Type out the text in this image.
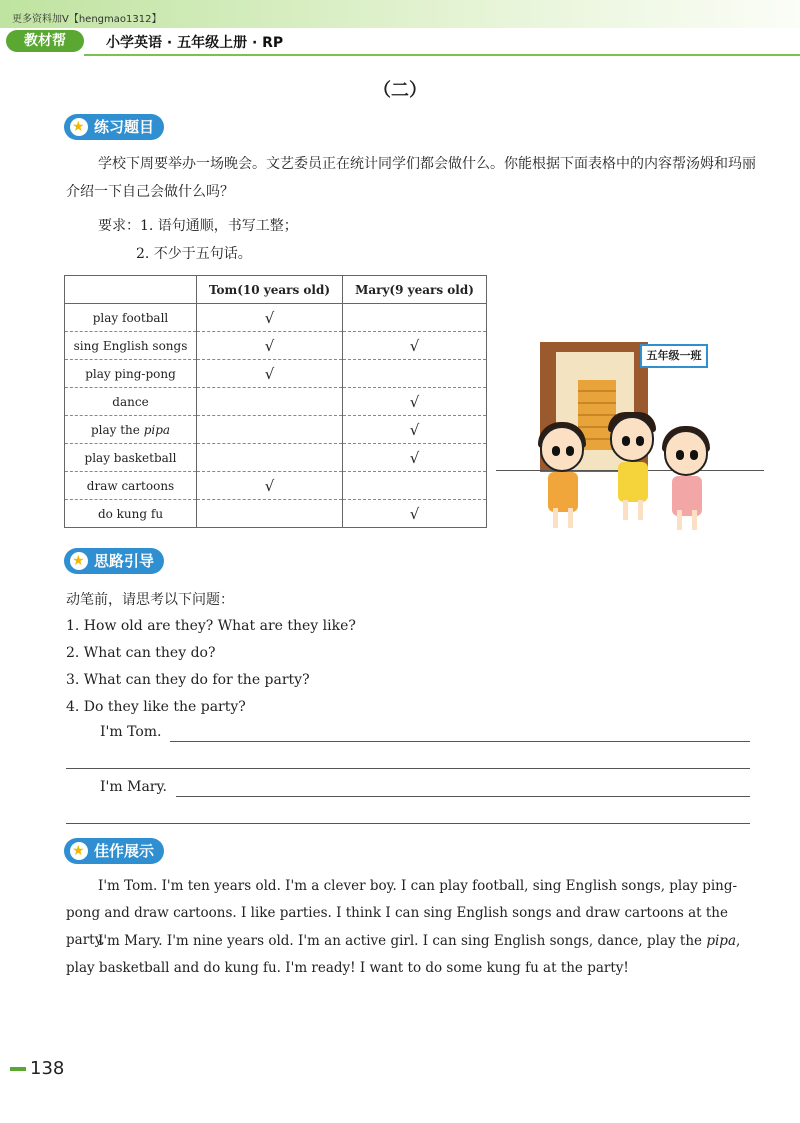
更多资料加V【hengmao1312】
教材帮	小学英语 · 五年级上册 · RP
（二）
★
练习题目
学校下周要举办一场晚会。文艺委员正在统计同学们都会做什么。你能根据下面表格中的内容帮汤姆和玛丽介绍一下自己会做什么吗？
要求：1. 语句通顺，书写工整；
2. 不少于五句话。
	Tom(10 years old)	Mary(9 years old)
play football	√	
sing English songs	√	√
play ping-pong	√	
dance		√
play the pipa		√
play basketball		√
draw cartoons	√	
do kung fu		√
五年级一班
★
思路引导
动笔前，请思考以下问题：
1. How old are they? What are they like?
2. What can they do?
3. What can they do for the party?
4. Do they like the party?
I'm Tom.
I'm Mary.
★
佳作展示
I'm Tom. I'm ten years old. I'm a clever boy. I can play football, sing English songs, play ping-pong and draw cartoons. I like parties. I think I can sing English songs and draw cartoons at the party.
I'm Mary. I'm nine years old. I'm an active girl. I can sing English songs, dance, play the pipa, play basketball and do kung fu. I'm ready! I want to do some kung fu at the party!
138
